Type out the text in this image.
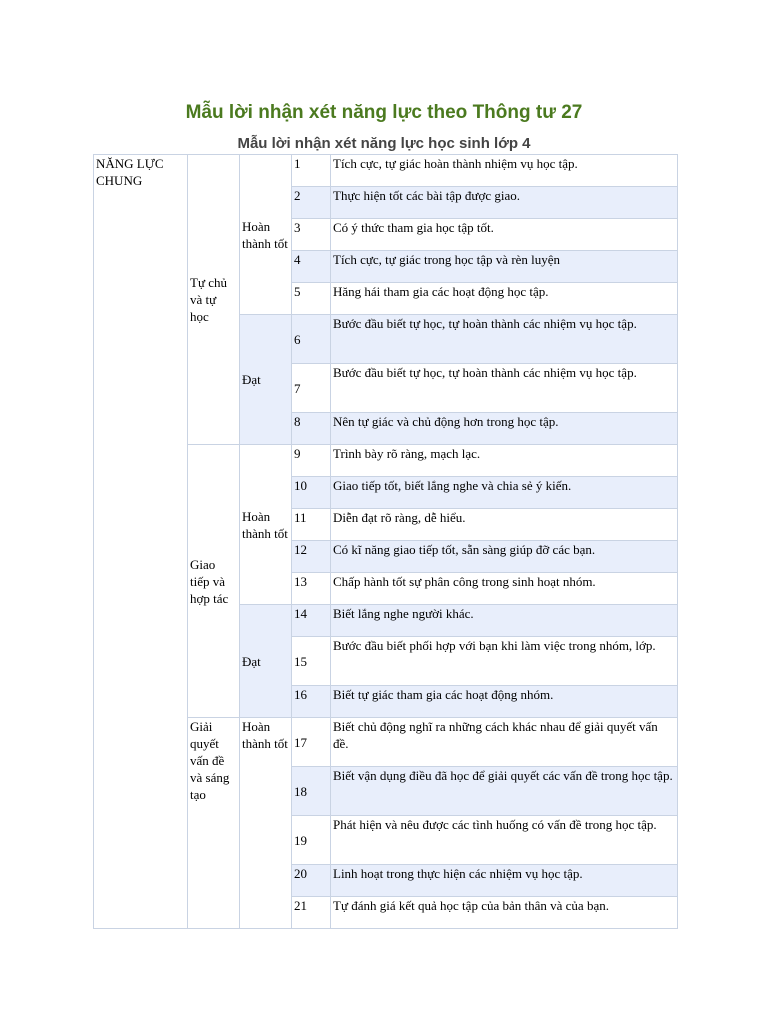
Mẫu lời nhận xét năng lực theo Thông tư 27
Mẫu lời nhận xét năng lực học sinh lớp 4
NĂNG LỰC CHUNG	Tự chủ và tự học	Hoàn thành tốt	1	Tích cực, tự giác hoàn thành nhiệm vụ học tập.
			2	Thực hiện tốt các bài tập được giao.
			3	Có ý thức tham gia học tập tốt.
			4	Tích cực, tự giác trong học tập và rèn luyện
			5	Hăng hái tham gia các hoạt động học tập.
		Đạt	6	Bước đầu biết tự học, tự hoàn thành các nhiệm vụ học tập.
			7	Bước đầu biết tự học, tự hoàn thành các nhiệm vụ học tập.
			8	Nên tự giác và chủ động hơn trong học tập.
	Giao tiếp và hợp tác	Hoàn thành tốt	9	Trình bày rõ ràng, mạch lạc.
			10	Giao tiếp tốt, biết lắng nghe và chia sẻ ý kiến.
			11	Diễn đạt rõ ràng, dễ hiểu.
			12	Có kĩ năng giao tiếp tốt, sẵn sàng giúp đỡ các bạn.
			13	Chấp hành tốt sự phân công trong sinh hoạt nhóm.
		Đạt	14	Biết lắng nghe người khác.
			15	Bước đầu biết phối hợp với bạn khi làm việc trong nhóm, lớp.
			16	Biết tự giác tham gia các hoạt động nhóm.
	Giải quyết vấn đề và sáng tạo	Hoàn thành tốt	17	Biết chủ động nghĩ ra những cách khác nhau để giải quyết vấn đề.
			18	Biết vận dụng điều đã học để giải quyết các vấn đề trong học tập.
			19	Phát hiện và nêu được các tình huống có vấn đề trong học tập.
			20	Linh hoạt trong thực hiện các nhiệm vụ học tập.
			21	Tự đánh giá kết quả học tập của bản thân và của bạn.
